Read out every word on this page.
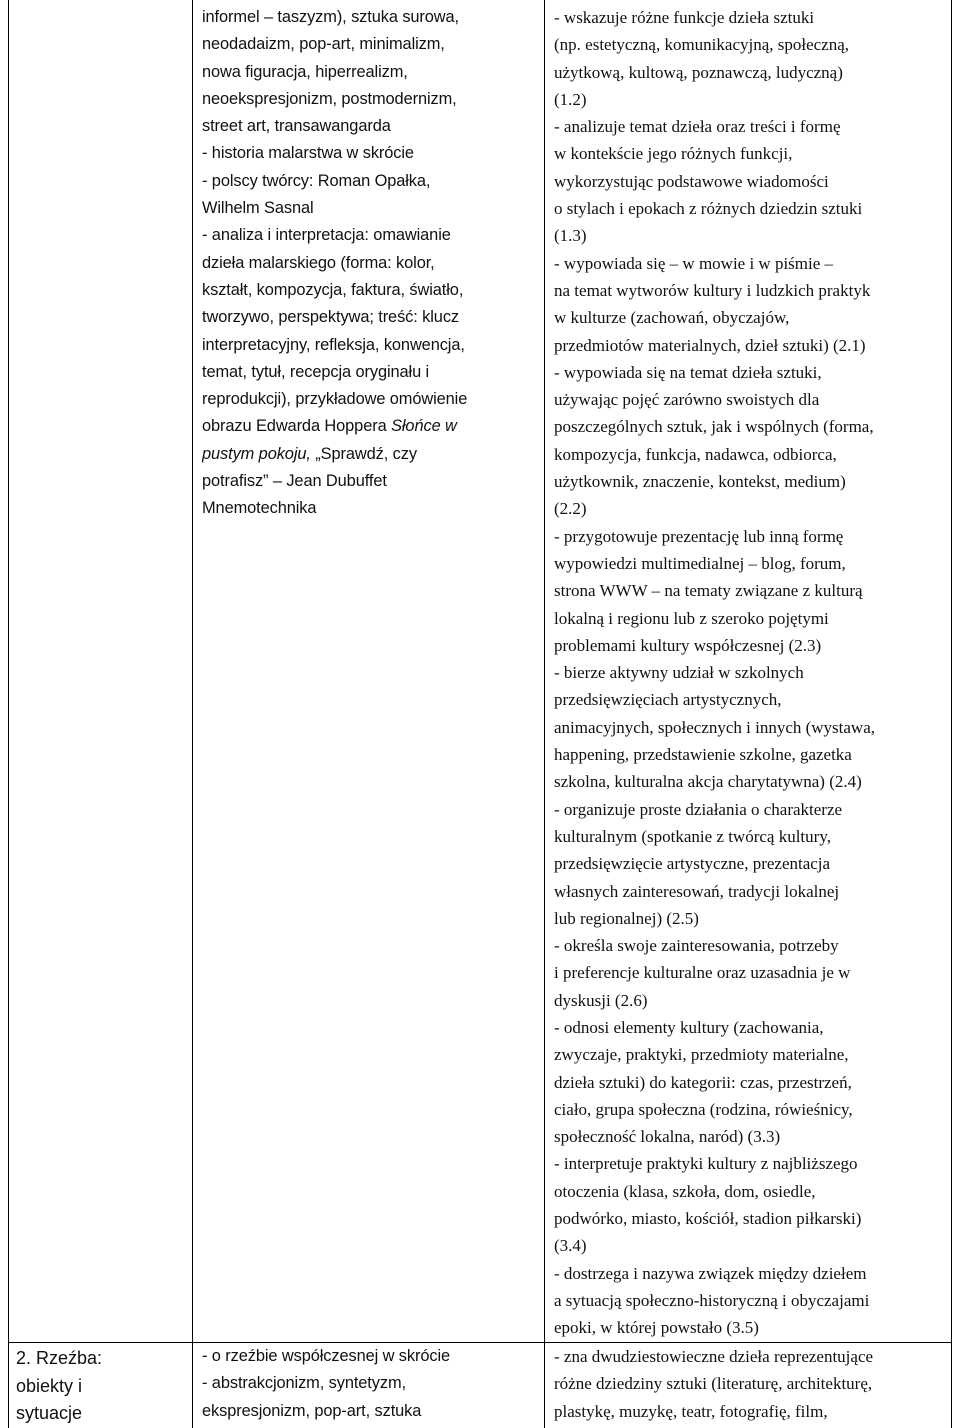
informel – taszyzm), sztuka surowa,
neodadaizm, pop-art, minimalizm,
nowa figuracja, hiperrealizm,
neoekspresjonizm, postmodernizm,
street art, transawangarda
- historia malarstwa w skrócie
- polscy twórcy: Roman Opałka,
Wilhelm Sasnal
- analiza i interpretacja: omawianie
dzieła malarskiego (forma: kolor,
kształt, kompozycja, faktura, światło,
tworzywo, perspektywa; treść: klucz
interpretacyjny, refleksja, konwencja,
temat, tytuł, recepcja oryginału i
reprodukcji), przykładowe omówienie
obrazu Edwarda Hoppera Słońce w
pustym pokoju, „Sprawdź, czy
potrafisz” – Jean Dubuffet
Mnemotechnika
- wskazuje różne funkcje dzieła sztuki
(np. estetyczną, komunikacyjną, społeczną,
użytkową, kultową, poznawczą, ludyczną)
(1.2)
- analizuje temat dzieła oraz treści i formę
w kontekście jego różnych funkcji,
wykorzystując podstawowe wiadomości
o stylach i epokach z różnych dziedzin sztuki
(1.3)
- wypowiada się – w mowie i w piśmie –
na temat wytworów kultury i ludzkich praktyk
w kulturze (zachowań, obyczajów,
przedmiotów materialnych, dzieł sztuki) (2.1)
- wypowiada się na temat dzieła sztuki,
używając pojęć zarówno swoistych dla
poszczególnych sztuk, jak i wspólnych (forma,
kompozycja, funkcja, nadawca, odbiorca,
użytkownik, znaczenie, kontekst, medium)
(2.2)
- przygotowuje prezentację lub inną formę
wypowiedzi multimedialnej – blog, forum,
strona WWW – na tematy związane z kulturą
lokalną i regionu lub z szeroko pojętymi
problemami kultury współczesnej (2.3)
- bierze aktywny udział w szkolnych
przedsięwzięciach artystycznych,
animacyjnych, społecznych i innych (wystawa,
happening, przedstawienie szkolne, gazetka
szkolna, kulturalna akcja charytatywna) (2.4)
- organizuje proste działania o charakterze
kulturalnym (spotkanie z twórcą kultury,
przedsięwzięcie artystyczne, prezentacja
własnych zainteresowań, tradycji lokalnej
lub regionalnej) (2.5)
- określa swoje zainteresowania, potrzeby
i preferencje kulturalne oraz uzasadnia je w
dyskusji (2.6)
- odnosi elementy kultury (zachowania,
zwyczaje, praktyki, przedmioty materialne,
dzieła sztuki) do kategorii: czas, przestrzeń,
ciało, grupa społeczna (rodzina, rówieśnicy,
społeczność lokalna, naród) (3.3)
- interpretuje praktyki kultury z najbliższego
otoczenia (klasa, szkoła, dom, osiedle,
podwórko, miasto, kościół, stadion piłkarski)
(3.4)
- dostrzega i nazywa związek między dziełem
a sytuacją społeczno-historyczną i obyczajami
epoki, w której powstało (3.5)
2. Rzeźba:
obiekty i
sytuacje
- o rzeźbie współczesnej w skrócie
- abstrakcjonizm, syntetyzm,
ekspresjonizm, pop-art, sztuka
- zna dwudziestowieczne dzieła reprezentujące
różne dziedziny sztuki (literaturę, architekturę,
plastykę, muzykę, teatr, fotografię, film,
